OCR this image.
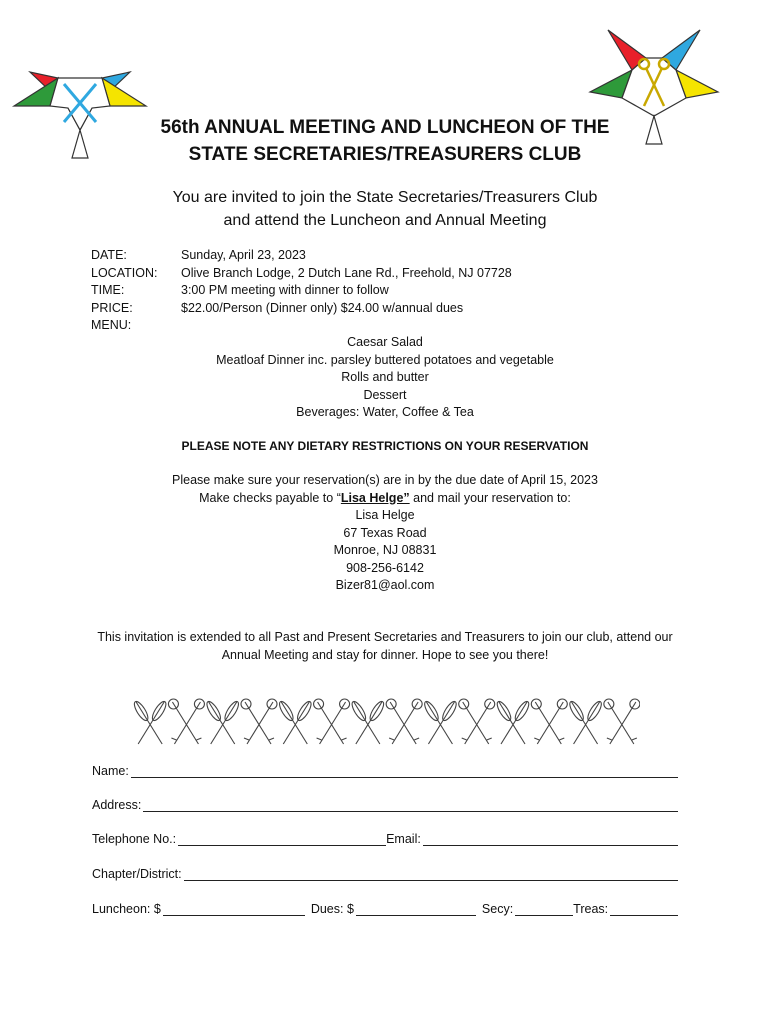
56th ANNUAL MEETING AND LUNCHEON OF THE
STATE SECRETARIES/TREASURERS CLUB
You are invited to join the State Secretaries/Treasurers Club
and attend the Luncheon and Annual Meeting
DATE:	Sunday, April 23, 2023
LOCATION:	Olive Branch Lodge, 2 Dutch Lane Rd., Freehold, NJ 07728
TIME:	3:00 PM meeting with dinner to follow
PRICE:	$22.00/Person (Dinner only) $24.00 w/annual dues
MENU:
Caesar Salad
Meatloaf Dinner inc. parsley buttered potatoes and vegetable
Rolls and butter
Dessert
Beverages: Water, Coffee & Tea
PLEASE NOTE ANY DIETARY RESTRICTIONS ON YOUR RESERVATION
Please make sure your reservation(s) are in by the due date of April 15, 2023
Make checks payable to “Lisa Helge” and mail your reservation to:
Lisa Helge
67 Texas Road
Monroe, NJ 08831
908-256-6142
Bizer81@aol.com
This invitation is extended to all Past and Present Secretaries and Treasurers to join our club, attend our
Annual Meeting and stay for dinner. Hope to see you there!
Name:
Address:
Telephone No.:	Email:
Chapter/District:
Luncheon: $	Dues: $	Secy:	Treas:
